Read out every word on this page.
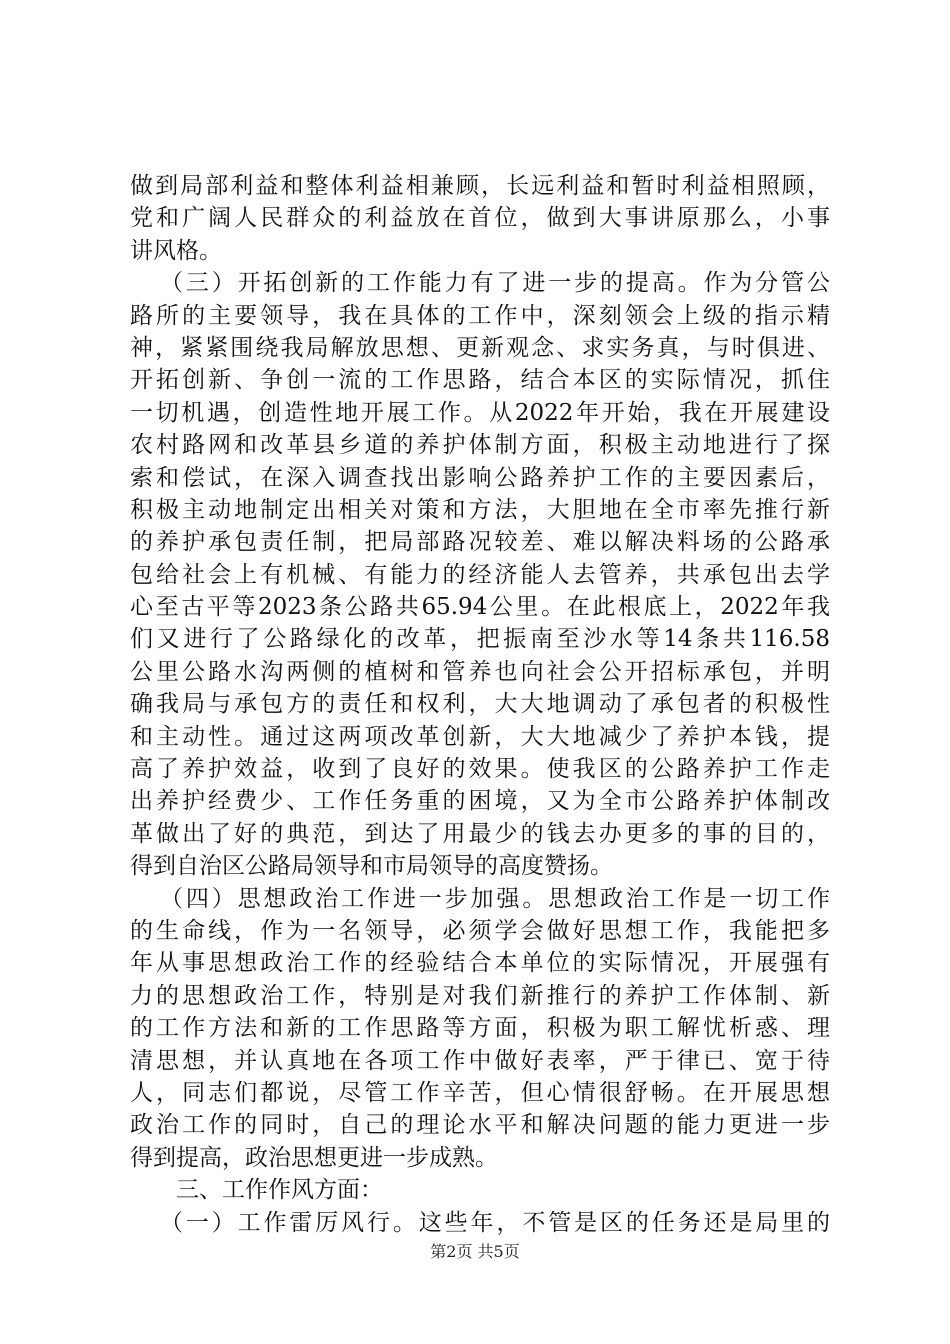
做到局部利益和整体利益相兼顾，长远利益和暂时利益相照顾，
党和广阔人民群众的利益放在首位，做到大事讲原那么，小事
讲风格。
（三）开拓创新的工作能力有了进一步的提高。作为分管公
路所的主要领导，我在具体的工作中，深刻领会上级的指示精
神，紧紧围绕我局解放思想、更新观念、求实务真，与时俱进、
开拓创新、争创一流的工作思路，结合本区的实际情况，抓住
一切机遇，创造性地开展工作。从2022年开始，我在开展建设
农村路网和改革县乡道的养护体制方面，积极主动地进行了探
索和偿试，在深入调查找出影响公路养护工作的主要因素后，
积极主动地制定出相关对策和方法，大胆地在全市率先推行新
的养护承包责任制，把局部路况较差、难以解决料场的公路承
包给社会上有机械、有能力的经济能人去管养，共承包出去学
心至古平等2023条公路共65.94公里。在此根底上，2022年我
们又进行了公路绿化的改革，把振南至沙水等14条共116.58
公里公路水沟两侧的植树和管养也向社会公开招标承包，并明
确我局与承包方的责任和权利，大大地调动了承包者的积极性
和主动性。通过这两项改革创新，大大地减少了养护本钱，提
高了养护效益，收到了良好的效果。使我区的公路养护工作走
出养护经费少、工作任务重的困境，又为全市公路养护体制改
革做出了好的典范，到达了用最少的钱去办更多的事的目的，
得到自治区公路局领导和市局领导的高度赞扬。
（四）思想政治工作进一步加强。思想政治工作是一切工作
的生命线，作为一名领导，必须学会做好思想工作，我能把多
年从事思想政治工作的经验结合本单位的实际情况，开展强有
力的思想政治工作，特别是对我们新推行的养护工作体制、新
的工作方法和新的工作思路等方面，积极为职工解忧析惑、理
清思想，并认真地在各项工作中做好表率，严于律已、宽于待
人，同志们都说，尽管工作辛苦，但心情很舒畅。在开展思想
政治工作的同时，自己的理论水平和解决问题的能力更进一步
得到提高，政治思想更进一步成熟。
三、工作作风方面：
（一）工作雷厉风行。这些年，不管是区的任务还是局里的
第2页 共5页
